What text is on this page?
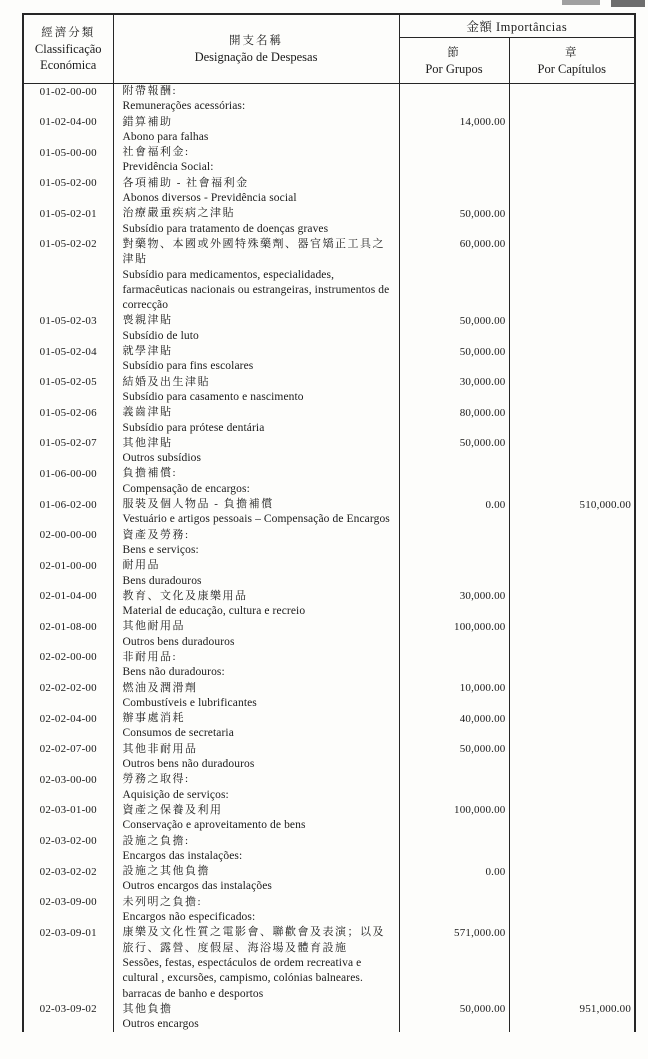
經濟分類
Classificação
Económica

開支名稱
Designação de Despesas

金額 Importâncias

節
Por Grupos

章
Por Capítulos

01-02-00-00	附帶報酬:
Remunerações acessórias:		

01-02-04-00	錯算補助
Abono para falhas	14,000.00	
01-05-00-00	社會福利金:
Previdência Social:		

01-05-02-00	各項補助 - 社會福利金
Abonos diversos - Previdência social		

01-05-02-01	治療嚴重疾病之津貼
Subsídio para tratamento de doenças graves	50,000.00	
01-05-02-02	對藥物、本國或外國特殊藥劑、器官矯正工具之津貼
Subsídio para medicamentos, especialidades, farmacêuticas nacionais ou estrangeiras, instrumentos de correcção	60,000.00	
01-05-02-03	喪親津貼
Subsídio de luto	50,000.00	
01-05-02-04	就學津貼
Subsídio para fins escolares	50,000.00	
01-05-02-05	結婚及出生津貼
Subsídio para casamento e nascimento	30,000.00	
01-05-02-06	義齒津貼
Subsídio para prótese dentária	80,000.00	
01-05-02-07	其他津貼
Outros subsídios	50,000.00	
01-06-00-00	負擔補償:
Compensação de encargos:		

01-06-02-00	服裝及個人物品 - 負擔補償
Vestuário e artigos pessoais – Compensação de Encargos	0.00	510,000.00
02-00-00-00	資產及勞務:
Bens e serviços:		

02-01-00-00	耐用品
Bens duradouros		

02-01-04-00	教育、文化及康樂用品
Material de educação, cultura e recreio	30,000.00	
02-01-08-00	其他耐用品
Outros bens duradouros	100,000.00	
02-02-00-00	非耐用品:
Bens não duradouros:		

02-02-02-00	燃油及潤滑劑
Combustíveis e lubrificantes	10,000.00	
02-02-04-00	辦事處消耗
Consumos de secretaria	40,000.00	
02-02-07-00	其他非耐用品
Outros bens não duradouros	50,000.00	
02-03-00-00	勞務之取得:
Aquisição de serviços:		

02-03-01-00	資產之保養及利用
Conservação e aproveitamento de bens	100,000.00	
02-03-02-00	設施之負擔:
Encargos das instalações:		

02-03-02-02	設施之其他負擔
Outros encargos das instalações	0.00	
02-03-09-00	未列明之負擔:
Encargos não especificados:		

02-03-09-01	康樂及文化性質之電影會、聯歡會及表演；以及旅行、露營、度假屋、海浴場及體育設施
Sessões, festas, espectáculos de ordem recreativa e cultural , excursões, campismo, colónias balneares. barracas de banho e desportos	571,000.00	
02-03-09-02	其他負擔
Outros encargos	50,000.00	951,000.00
